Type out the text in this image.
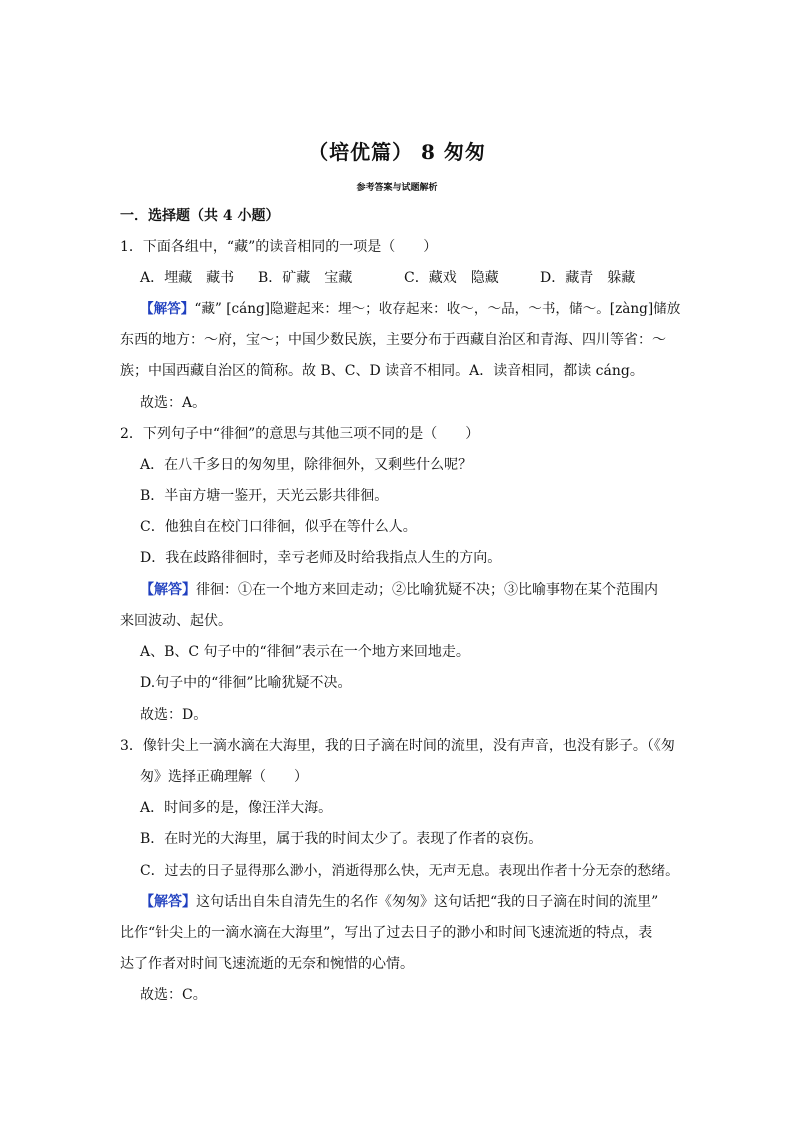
（培优篇） 8 匆匆
参考答案与试题解析
一．选择题（共 4 小题）
1．下面各组中，“藏”的读音相同的一项是（　　）
A．埋藏　藏书 B．矿藏　宝藏	C．藏戏　隐藏	D．藏青　躲藏
【解答】“藏” [cáng]隐避起来：埋～；收存起来：收～，～品，～书，储～。[zàng]储放
东西的地方：～府，宝～；中国少数民族，主要分布于西藏自治区和青海、四川等省：～
族；中国西藏自治区的简称。故 B、C、D 读音不相同。A．读音相同，都读 cáng。
故选：A。
2．下列句子中“徘徊”的意思与其他三项不同的是（　　）
A．在八千多日的匆匆里，除徘徊外，又剩些什么呢？
B．半亩方塘一鉴开，天光云影共徘徊。
C．他独自在校门口徘徊，似乎在等什么人。
D．我在歧路徘徊时，幸亏老师及时给我指点人生的方向。
【解答】徘徊：①在一个地方来回走动；②比喻犹疑不决；③比喻事物在某个范围内
来回波动、起伏。
A、B、C 句子中的“徘徊”表示在一个地方来回地走。
D.句子中的“徘徊”比喻犹疑不决。
故选：D。
3．像针尖上一滴水滴在大海里，我的日子滴在时间的流里，没有声音，也没有影子。（《匆
匆》选择正确理解（　　）
A．时间多的是，像汪洋大海。
B．在时光的大海里，属于我的时间太少了。表现了作者的哀伤。
C．过去的日子显得那么渺小，消逝得那么快，无声无息。表现出作者十分无奈的愁绪。
【解答】这句话出自朱自清先生的名作《匆匆》这句话把“我的日子滴在时间的流里”
比作“针尖上的一滴水滴在大海里”，写出了过去日子的渺小和时间飞速流逝的特点，表
达了作者对时间飞速流逝的无奈和惋惜的心情。
故选：C。
